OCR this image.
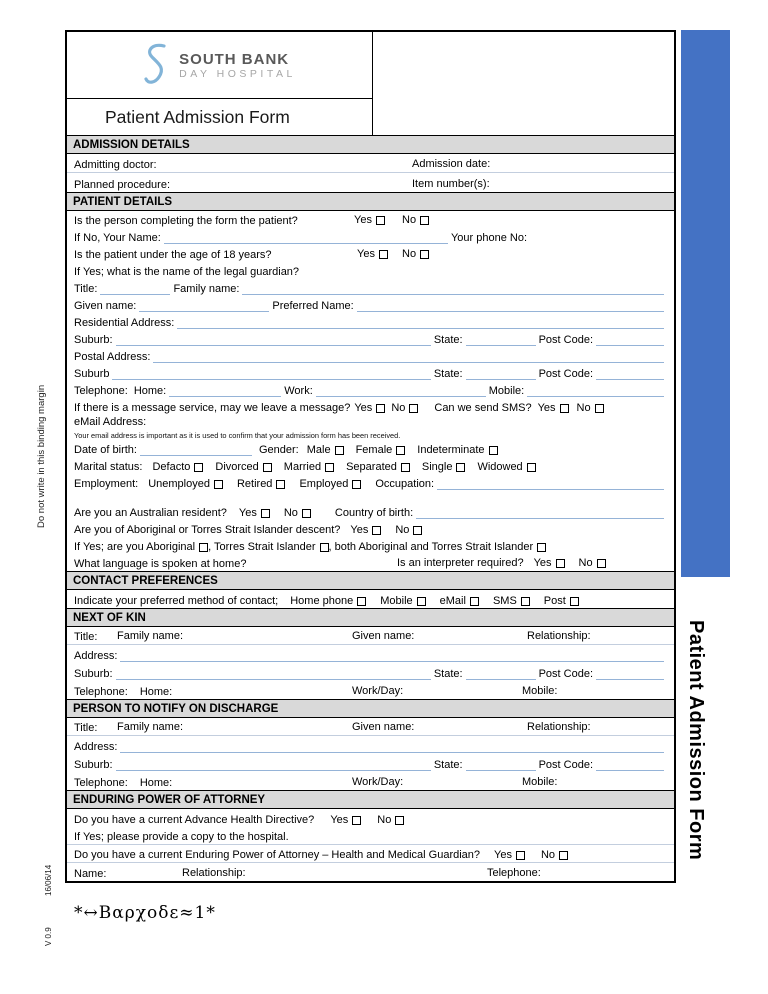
Do not write in this binding margin
16/06/14
V 0.9
Patient Admission Form
*↔Βαρχοδε≈1*
SOUTH BANK
DAY HOSPITAL
Patient Admission Form
ADMISSION DETAILS
Admitting doctor:	Admission date:
Planned procedure:	Item number(s):
PATIENT DETAILS
Is the person completing the form the patient?	Yes	No
If No, Your Name:	Your phone No:
Is the patient under the age of 18 years?	Yes No
If Yes; what is the name of the legal guardian?
Title:	Family name:
Given name:	Preferred Name:
Residential Address:
Suburb:	State:	Post Code:
Postal Address:
Suburb	State:	Post Code:
Telephone: Home:	Work:	Mobile:
If there is a message service, may we leave a message? Yes No	Can we send SMS? Yes No
eMail Address:
Your email address is important as it is used to confirm that your admission form has been received.
Date of birth:	Gender: Male Female Indeterminate
Marital status: Defacto Divorced Married Separated Single Widowed
Employment: Unemployed Retired Employed Occupation:
Are you an Australian resident? Yes No	Country of birth:
Are you of Aboriginal or Torres Strait Islander descent? Yes No
If Yes; are you Aboriginal , Torres Strait Islander , both Aboriginal and Torres Strait Islander
What language is spoken at home?	Is an interpreter required? Yes No
CONTACT PREFERENCES
Indicate your preferred method of contact; Home phone Mobile eMail SMS Post
NEXT OF KIN
Title: Family name:	Given name:	Relationship:
Address:
Suburb:	State:	Post Code:
Telephone: Home:	Work/Day:	Mobile:
PERSON TO NOTIFY ON DISCHARGE
Title: Family name:	Given name:	Relationship:
Address:
Suburb:	State:	Post Code:
Telephone: Home:	Work/Day:	Mobile:
ENDURING POWER OF ATTORNEY
Do you have a current Advance Health Directive? Yes	No
If Yes; please provide a copy to the hospital.
Do you have a current Enduring Power of Attorney – Health and Medical Guardian? Yes	No
Name:	Relationship:	Telephone:
